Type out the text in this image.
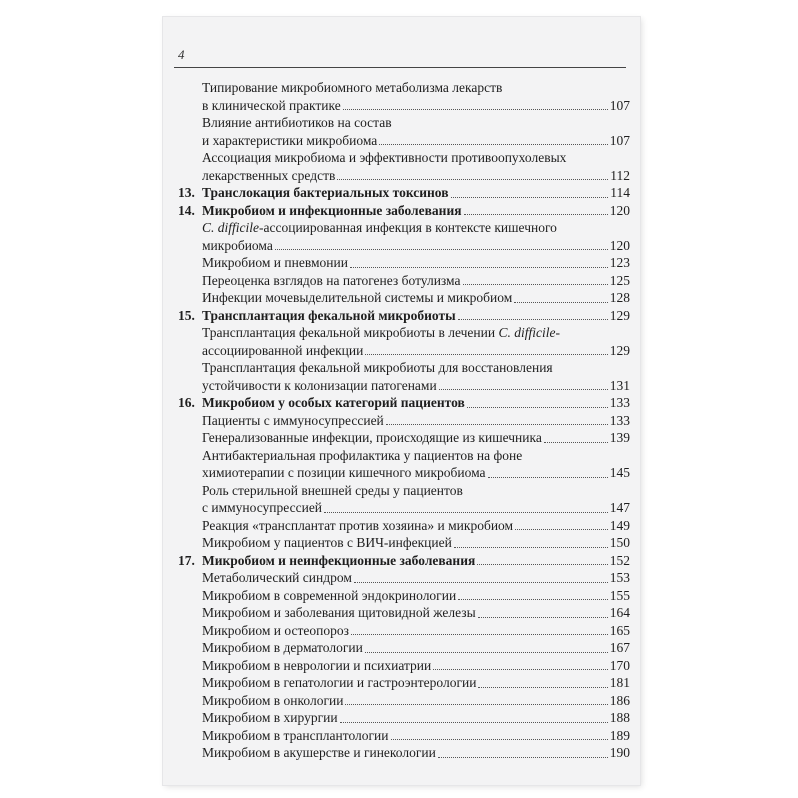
4
Типирование микробиомного метаболизма лекарств
в клинической практике	107
Влияние антибиотиков на состав
и характеристики микробиома	107
Ассоциация микробиома и эффективности противоопухолевых
лекарственных средств	112
13. Транслокация бактериальных токсинов	114
14. Микробиом и инфекционные заболевания	120
C. difficile-ассоциированная инфекция в контексте кишечного
микробиома	120
Микробиом и пневмонии	123
Переоценка взглядов на патогенез ботулизма	125
Инфекции мочевыделительной системы и микробиом	128
15. Трансплантация фекальной микробиоты	129
Трансплантация фекальной микробиоты в лечении C. difficile-
ассоциированной инфекции	129
Трансплантация фекальной микробиоты для восстановления
устойчивости к колонизации патогенами	131
16. Микробиом у особых категорий пациентов	133
Пациенты с иммуносупрессией	133
Генерализованные инфекции, происходящие из кишечника	139
Антибактериальная профилактика у пациентов на фоне
химиотерапии с позиции кишечного микробиома	145
Роль стерильной внешней среды у пациентов
с иммуносупрессией	147
Реакция «трансплантат против хозяина» и микробиом	149
Микробиом у пациентов с ВИЧ-инфекцией	150
17. Микробиом и неинфекционные заболевания	152
Метаболический синдром	153
Микробиом в современной эндокринологии	155
Микробиом и заболевания щитовидной железы	164
Микробиом и остеопороз	165
Микробиом в дерматологии	167
Микробиом в неврологии и психиатрии	170
Микробиом в гепатологии и гастроэнтерологии	181
Микробиом в онкологии	186
Микробиом в хирургии	188
Микробиом в трансплантологии	189
Микробиом в акушерстве и гинекологии	190
